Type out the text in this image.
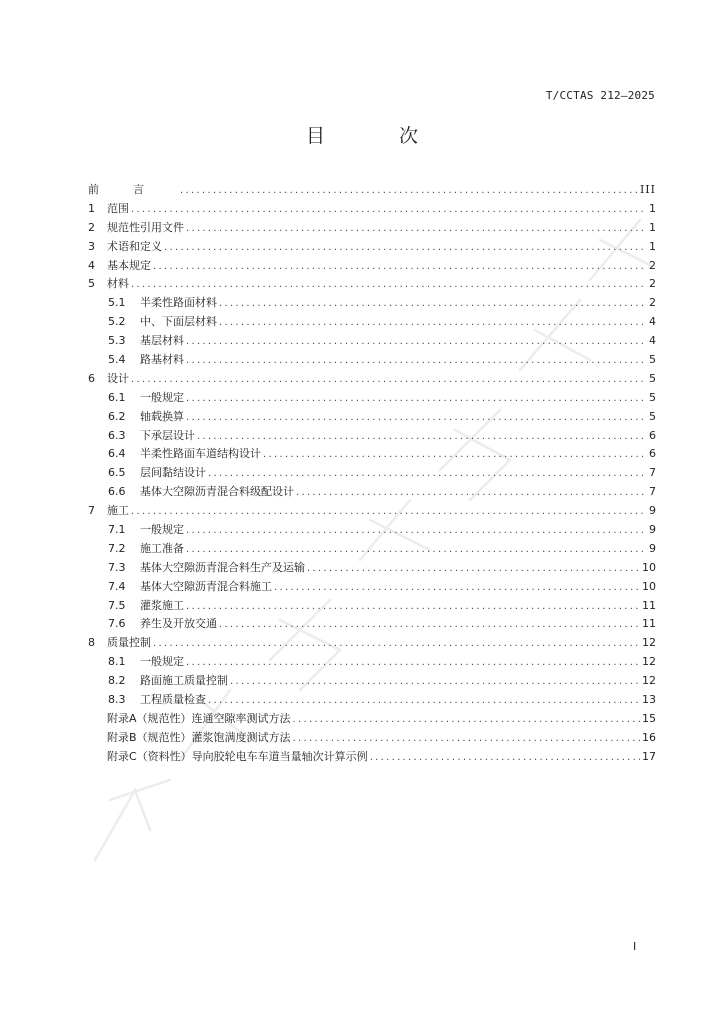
T/CCTAS 212—2025
目 次
前言 .....	III
1	范围 .....	1
2	规范性引用文件 .....	1
3	术语和定义 .....	1
4	基本规定 .....	2
5	材料 .....	2
5.1	半柔性路面材料 .....	2
5.2	中、下面层材料 .....	4
5.3	基层材料 .....	4
5.4	路基材料 .....	5
6	设计 .....	5
6.1	一般规定 .....	5
6.2	轴载换算 .....	5
6.3	下承层设计 .....	6
6.4	半柔性路面车道结构设计 .....	6
6.5	层间黏结设计 .....	7
6.6	基体大空隙沥青混合料级配设计 .....	7
7	施工 .....	9
7.1	一般规定 .....	9
7.2	施工准备 .....	9
7.3	基体大空隙沥青混合料生产及运输 .....	10
7.4	基体大空隙沥青混合料施工 .....	10
7.5	灌浆施工 .....	11
7.6	养生及开放交通 .....	11
8	质量控制 .....	12
8.1	一般规定 .....	12
8.2	路面施工质量控制 .....	12
8.3	工程质量检查 .....	13
附录A（规范性）连通空隙率测试方法 .....	15
附录B（规范性）灌浆饱满度测试方法 .....	16
附录C（资料性）导向胶轮电车车道当量轴次计算示例 .....	17
I
